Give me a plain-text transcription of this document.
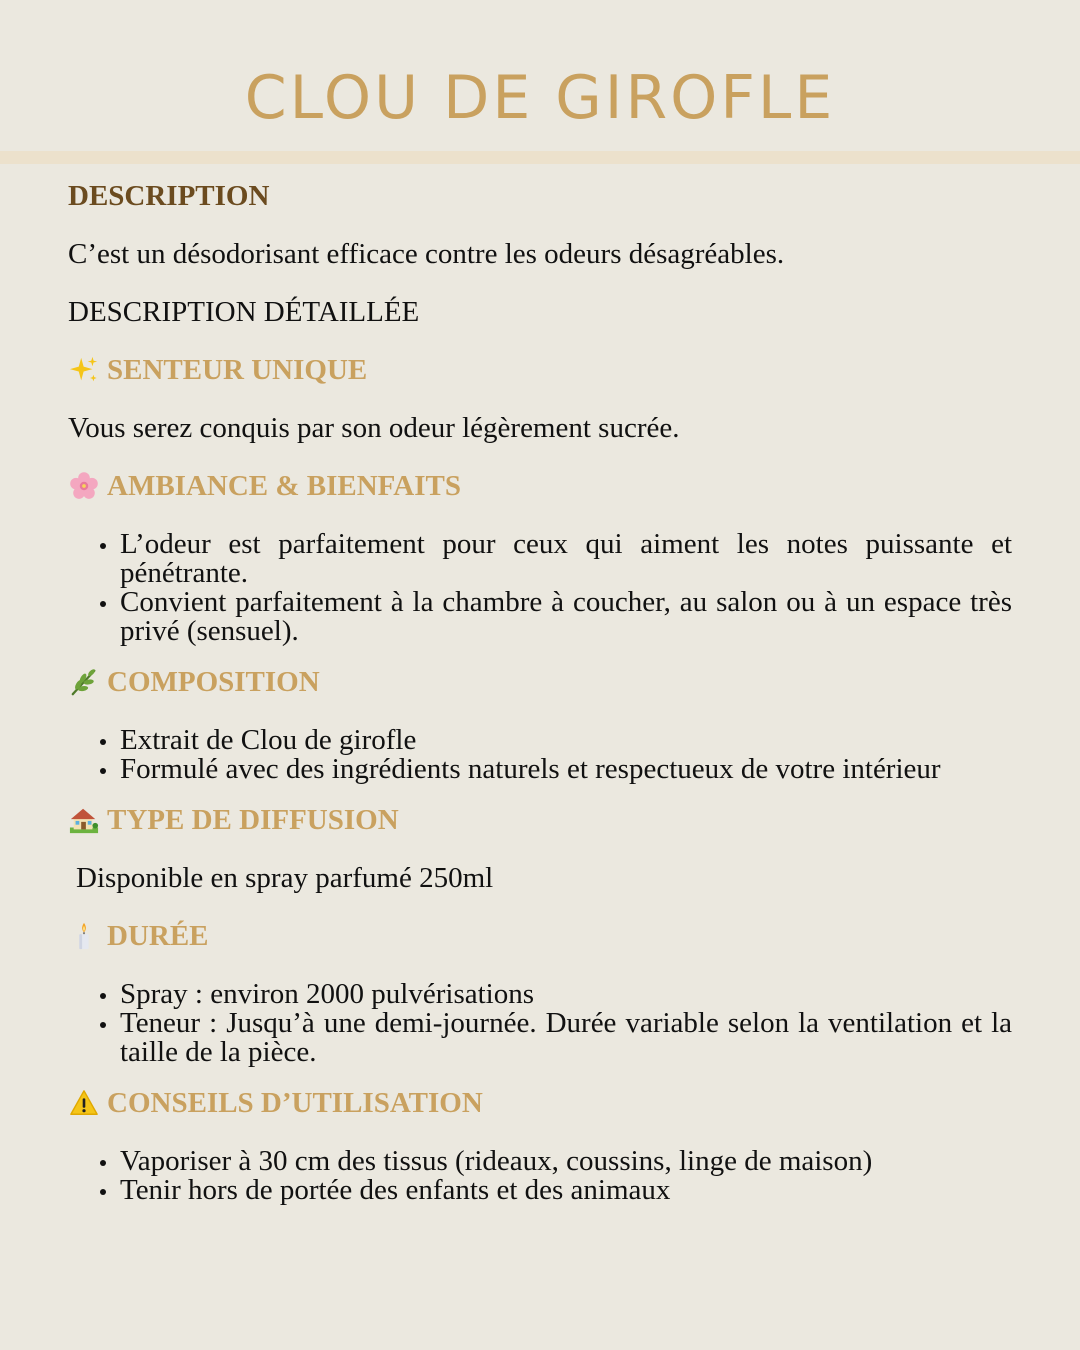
CLOU DE GIROFLE
DESCRIPTION
C’est un désodorisant efficace contre les odeurs désagréables.
DESCRIPTION DÉTAILLÉE
SENTEUR UNIQUE
Vous serez conquis par son odeur légèrement sucrée.
AMBIANCE & BIENFAITS
L’odeur est parfaitement pour ceux qui aiment les notes puissante et pénétrante.
Convient parfaitement à la chambre à coucher, au salon ou à un espace très privé (sensuel).
COMPOSITION
Extrait de Clou de girofle
Formulé avec des ingrédients naturels et respectueux de votre intérieur
TYPE DE DIFFUSION
Disponible en spray parfumé 250ml
DURÉE
Spray : environ 2000 pulvérisations
Teneur : Jusqu’à une demi-journée. Durée variable selon la ventilation et la taille de la pièce.
CONSEILS D’UTILISATION
Vaporiser à 30 cm des tissus (rideaux, coussins, linge de maison)
Tenir hors de portée des enfants et des animaux
